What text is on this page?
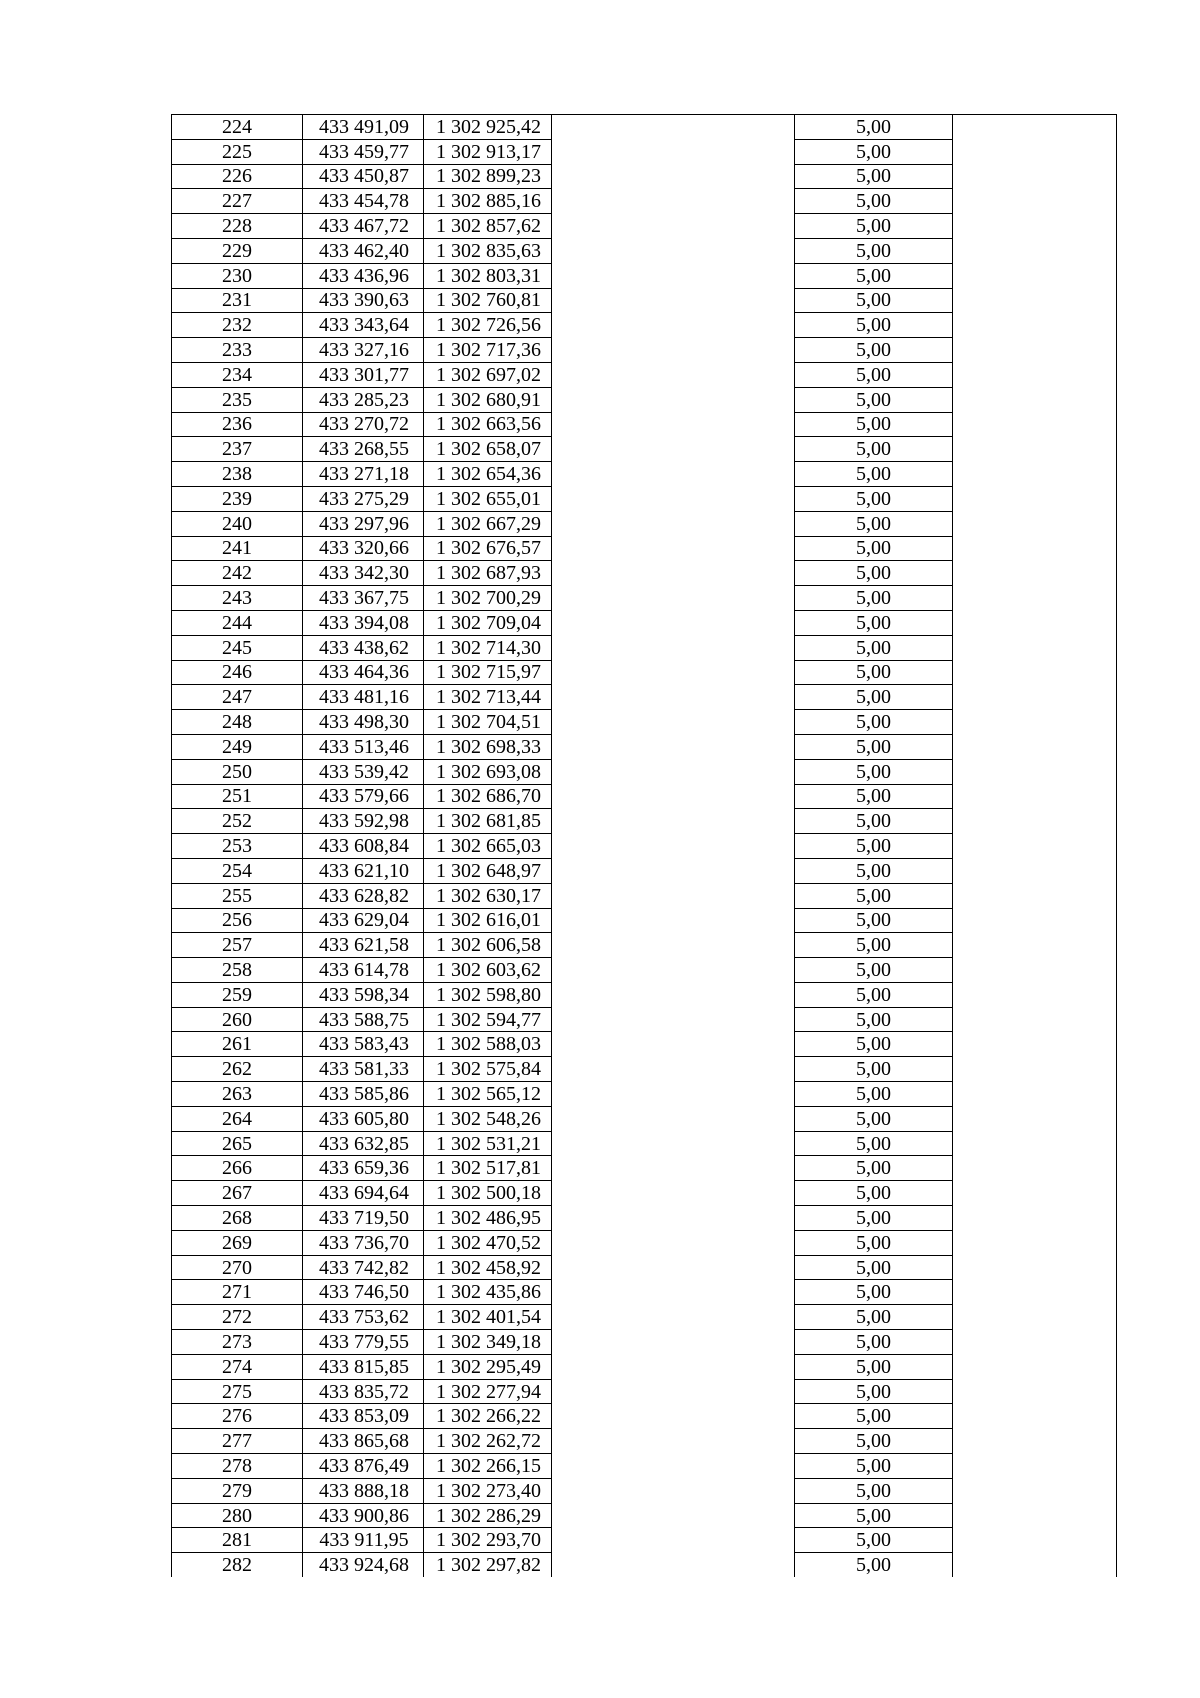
224	433 491,09	1 302 925,42		5,00	
225	433 459,77	1 302 913,17		5,00	
226	433 450,87	1 302 899,23		5,00	
227	433 454,78	1 302 885,16		5,00	
228	433 467,72	1 302 857,62		5,00	
229	433 462,40	1 302 835,63		5,00	
230	433 436,96	1 302 803,31		5,00	
231	433 390,63	1 302 760,81		5,00	
232	433 343,64	1 302 726,56		5,00	
233	433 327,16	1 302 717,36		5,00	
234	433 301,77	1 302 697,02		5,00	
235	433 285,23	1 302 680,91		5,00	
236	433 270,72	1 302 663,56		5,00	
237	433 268,55	1 302 658,07		5,00	
238	433 271,18	1 302 654,36		5,00	
239	433 275,29	1 302 655,01		5,00	
240	433 297,96	1 302 667,29		5,00	
241	433 320,66	1 302 676,57		5,00	
242	433 342,30	1 302 687,93		5,00	
243	433 367,75	1 302 700,29		5,00	
244	433 394,08	1 302 709,04		5,00	
245	433 438,62	1 302 714,30		5,00	
246	433 464,36	1 302 715,97		5,00	
247	433 481,16	1 302 713,44		5,00	
248	433 498,30	1 302 704,51		5,00	
249	433 513,46	1 302 698,33		5,00	
250	433 539,42	1 302 693,08		5,00	
251	433 579,66	1 302 686,70		5,00	
252	433 592,98	1 302 681,85		5,00	
253	433 608,84	1 302 665,03		5,00	
254	433 621,10	1 302 648,97		5,00	
255	433 628,82	1 302 630,17		5,00	
256	433 629,04	1 302 616,01		5,00	
257	433 621,58	1 302 606,58		5,00	
258	433 614,78	1 302 603,62		5,00	
259	433 598,34	1 302 598,80		5,00	
260	433 588,75	1 302 594,77		5,00	
261	433 583,43	1 302 588,03		5,00	
262	433 581,33	1 302 575,84		5,00	
263	433 585,86	1 302 565,12		5,00	
264	433 605,80	1 302 548,26		5,00	
265	433 632,85	1 302 531,21		5,00	
266	433 659,36	1 302 517,81		5,00	
267	433 694,64	1 302 500,18		5,00	
268	433 719,50	1 302 486,95		5,00	
269	433 736,70	1 302 470,52		5,00	
270	433 742,82	1 302 458,92		5,00	
271	433 746,50	1 302 435,86		5,00	
272	433 753,62	1 302 401,54		5,00	
273	433 779,55	1 302 349,18		5,00	
274	433 815,85	1 302 295,49		5,00	
275	433 835,72	1 302 277,94		5,00	
276	433 853,09	1 302 266,22		5,00	
277	433 865,68	1 302 262,72		5,00	
278	433 876,49	1 302 266,15		5,00	
279	433 888,18	1 302 273,40		5,00	
280	433 900,86	1 302 286,29		5,00	
281	433 911,95	1 302 293,70		5,00	
282	433 924,68	1 302 297,82		5,00	
